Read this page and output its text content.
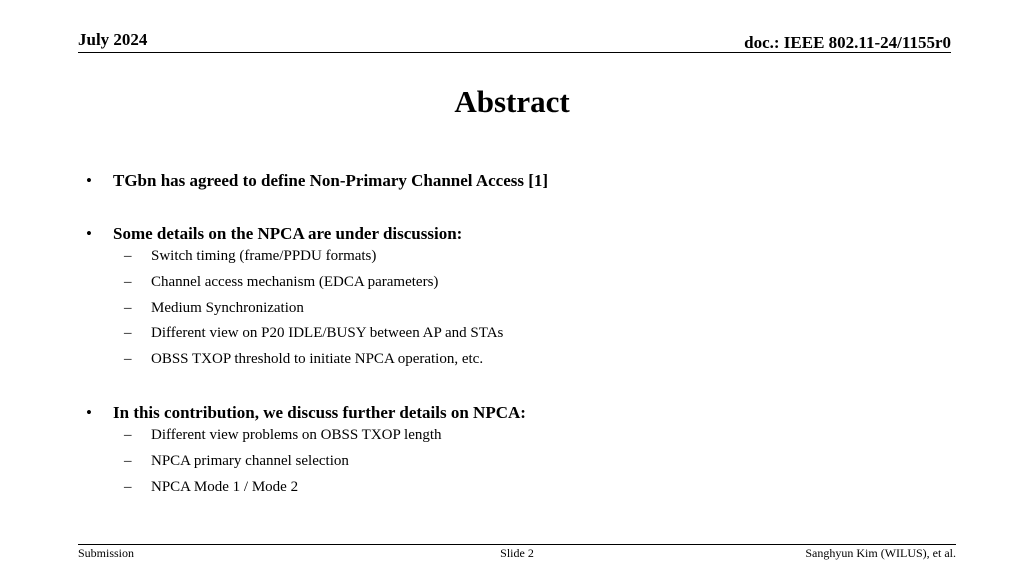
July 2024	doc.: IEEE 802.11-24/1155r0
Abstract
•	TGbn has agreed to define Non-Primary Channel Access [1]
•	Some details on the NPCA are under discussion:
–	Switch timing (frame/PPDU formats)
–	Channel access mechanism (EDCA parameters)
–	Medium Synchronization
–	Different view on P20 IDLE/BUSY between AP and STAs
–	OBSS TXOP threshold to initiate NPCA operation, etc.
•	In this contribution, we discuss further details on NPCA:
–	Different view problems on OBSS TXOP length
–	NPCA primary channel selection
–	NPCA Mode 1 / Mode 2
Submission	Slide 2	Sanghyun Kim (WILUS), et al.
